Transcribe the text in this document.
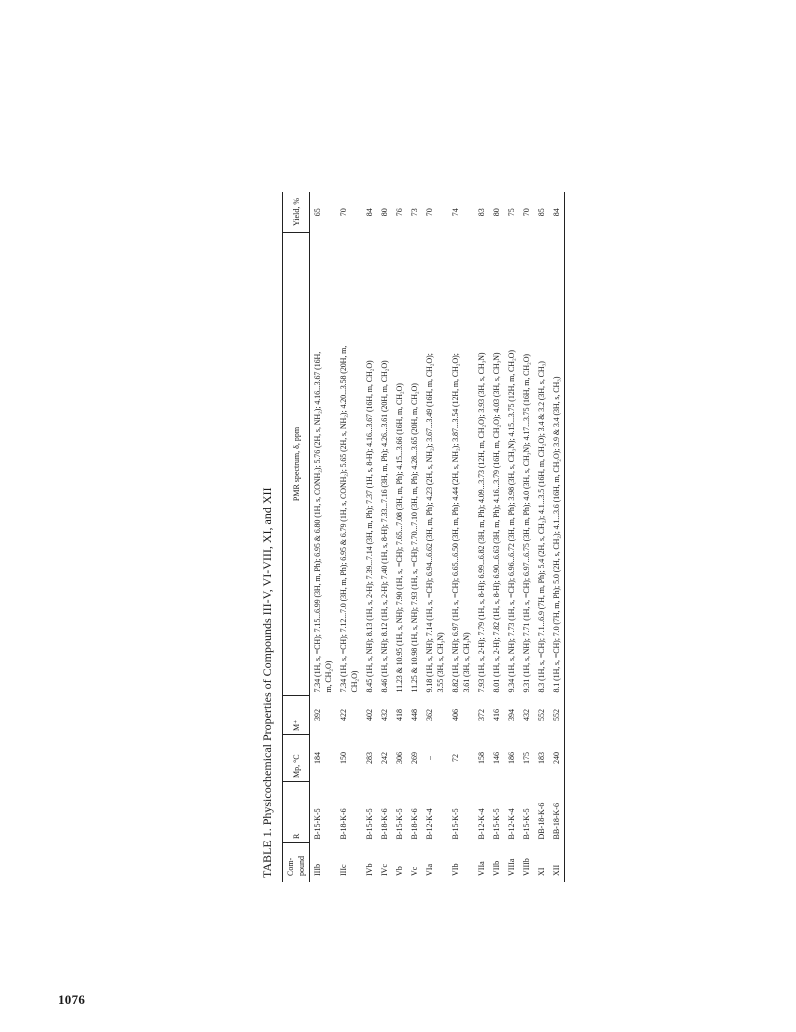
1076
TABLE 1. Physicochemical Properties of Compounds III-V, VI-VIII, XI, and XII	Com-
pound	R	Mp, °C	M⁺	PMR spectrum, δ, ppm	Yield, %
IIIb	B-15-K-5	184	392	7.34 (1H, s, =CH); 7.15...6.99 (3H, m, Ph); 6.95 & 6.80 (1H, s, CONH₂); 5.76 (2H, s, NH₂); 4.16...3.67 (16H,
m, CH₂O)	65
IIIc	B-18-K-6	150	422	7.34 (1H, s, =CH); 7.12...7.0 (3H, m, Ph); 6.95 & 6.79 (1H, s, CONH₂); 5.65 (2H, s, NH₂); 4.20...3.58 (20H, m,
CH₂O)	70
IVb	B-15-K-5	283	402	8.45 (1H, s, NH); 8.13 (1H, s, 2-H); 7.39...7.14 (3H, m, Ph); 7.37 (1H, s, 8-H); 4.16...3.67 (16H, m, CH₂O)	84
IVc	B-18-K-6	242	432	8.46 (1H, s, NH); 8.12 (1H, s, 2-H); 7.40 (1H, s, 8-H); 7.33...7.16 (3H, m, Ph); 4.26...3.61 (20H, m, CH₂O)	80
Vb	B-15-K-5	306	418	11.23 & 10.95 (1H, s, NH); 7.90 (1H, s, =CH); 7.65...7.08 (3H, m, Ph); 4.15...3.66 (16H, m, CH₂O)	76
Vc	B-18-K-6	269	448	11.25 & 10.98 (1H, s, NH); 7.93 (1H, s, =CH); 7.70...7.10 (3H, m, Ph); 4.28...3.65 (20H, m, CH₂O)	73
VIa	B-12-K-4	–	362	9.18 (1H, s, NH); 7.14 (1H, s, =CH); 6.94...6.62 (3H, m, Ph); 4.23 (2H, s, NH₂); 3.67...3.49 (16H, m, CH₂O);
3.55 (3H, s, CH₃N)	70
VIb	B-15-K-5	72	406	8.82 (1H, s, NH); 6.97 (1H, s, =CH); 6.65...6.50 (3H, m, Ph); 4.44 (2H, s, NH₂); 3.87...3.54 (12H, m, CH₂O);
3.61 (3H, s, CH₃N)	74
VIIa	B-12-K-4	158	372	7.93 (1H, s, 2-H); 7.79 (1H, s, 8-H); 6.99...6.82 (3H, m, Ph); 4.09...3.73 (12H, m, CH₂O); 3.93 (3H, s, CH₃N)	83
VIIb	B-15-K-5	146	416	8.01 (1H, s, 2-H); 7.82 (1H, s, 8-H); 6.90...6.63 (3H, m, Ph); 4.16...3.79 (16H, m, CH₂O); 4.03 (3H, s, CH₃N)	80
VIIIa	B-12-K-4	186	394	9.34 (1H, s, NH); 7.73 (1H, s, =CH); 6.96...6.72 (3H, m, Ph); 3.98 (3H, s, CH₃N); 4.15...3.75 (12H, m, CH₂O)	75
VIIIb	B-15-K-5	175	432	9.31 (1H, s, NH); 7.71 (1H, s, =CH); 6.97...6.75 (3H, m, Ph); 4.0 (3H, s, CH₃N); 4.17...3.75 (16H, m, CH₂O)	70
XI	DB-18-K-6	183	552	8.3 (1H, s, =CH); 7.1...6.9 (7H, m, Ph); 5.4 (2H, s, CH₂); 4.1...3.5 (16H, m, CH₂O); 3.4 & 3.2 (3H, s, CH₃)	85
XII	BB-18-K-6	240	552	8.1 (1H, s, =CH); 7.0 (7H, m, Ph); 5.0 (2H, s, CH₂); 4.1...3.6 (16H, m, CH₂O); 3.9 & 3.4 (3H, s, CH₃)	84
